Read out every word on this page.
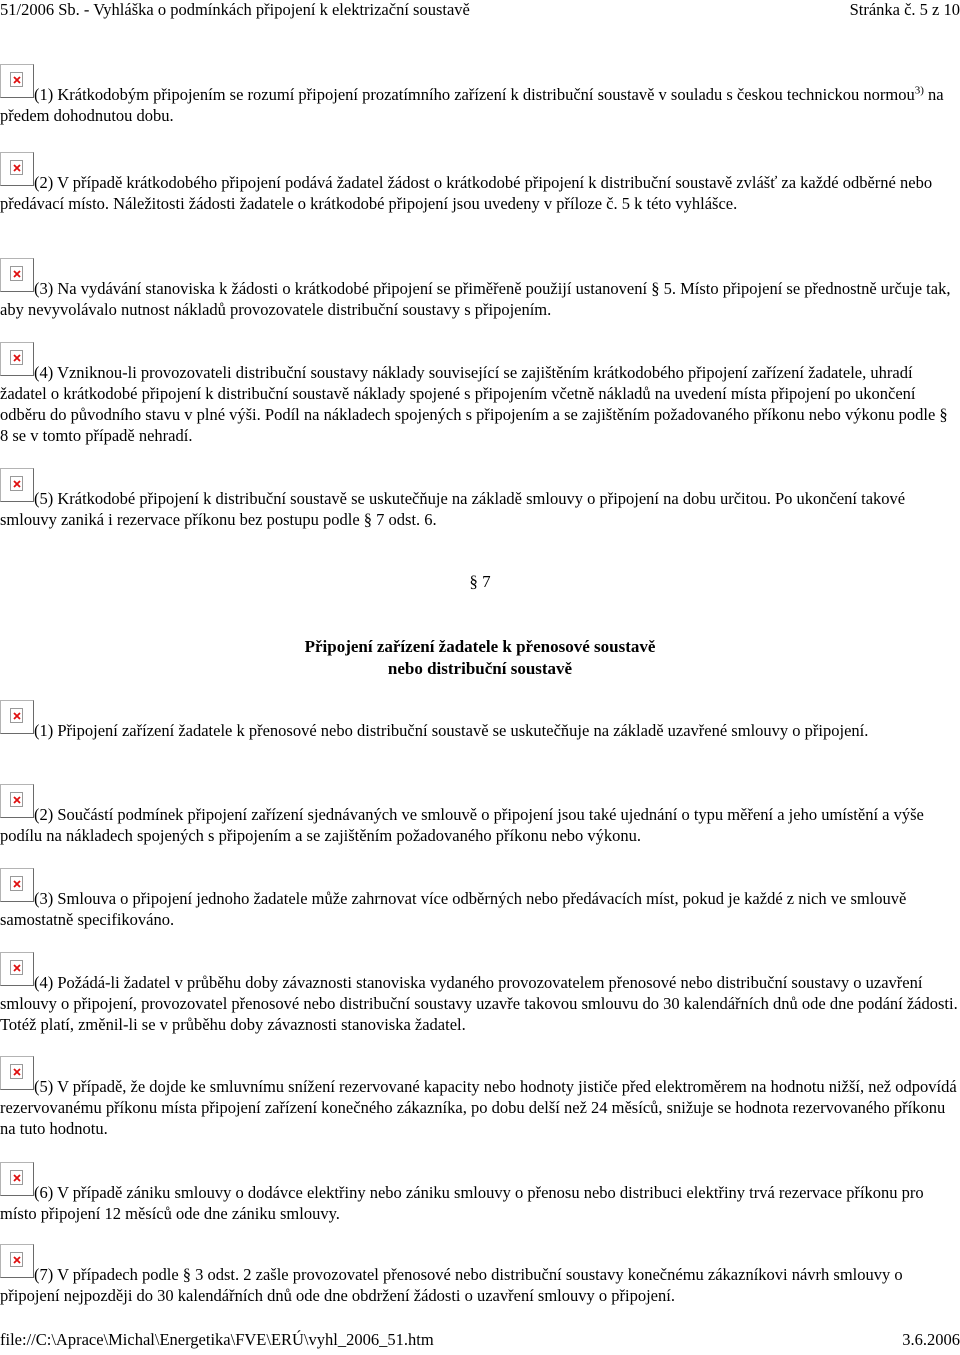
51/2006 Sb. - Vyhláška o podmínkách připojení k elektrizační soustavě	Stránka č. 5 z 10
(1) Krátkodobým připojením se rozumí připojení prozatímního zařízení k distribuční soustavě v souladu s českou technickou normou$^{3)}$ na předem dohodnutou dobu.
(2) V případě krátkodobého připojení podává žadatel žádost o krátkodobé připojení k distribuční soustavě zvlášť za každé odběrné nebo předávací místo. Náležitosti žádosti žadatele o krátkodobé připojení jsou uvedeny v příloze č. 5 k této vyhlášce.
(3) Na vydávání stanoviska k žádosti o krátkodobé připojení se přiměřeně použijí ustanovení § 5. Místo připojení se přednostně určuje tak, aby nevyvolávalo nutnost nákladů provozovatele distribuční soustavy s připojením.
(4) Vzniknou-li provozovateli distribuční soustavy náklady související se zajištěním krátkodobého připojení zařízení žadatele, uhradí žadatel o krátkodobé připojení k distribuční soustavě náklady spojené s připojením včetně nákladů na uvedení místa připojení po ukončení odběru do původního stavu v plné výši. Podíl na nákladech spojených s připojením a se zajištěním požadovaného příkonu nebo výkonu podle § 8 se v tomto případě nehradí.
(5) Krátkodobé připojení k distribuční soustavě se uskutečňuje na základě smlouvy o připojení na dobu určitou. Po ukončení takové smlouvy zaniká i rezervace příkonu bez postupu podle § 7 odst. 6.
§ 7
Připojení zařízení žadatele k přenosové soustavě
nebo distribuční soustavě
(1) Připojení zařízení žadatele k přenosové nebo distribuční soustavě se uskutečňuje na základě uzavřené smlouvy o připojení.
(2) Součástí podmínek připojení zařízení sjednávaných ve smlouvě o připojení jsou také ujednání o typu měření a jeho umístění a výše podílu na nákladech spojených s připojením a se zajištěním požadovaného příkonu nebo výkonu.
(3) Smlouva o připojení jednoho žadatele může zahrnovat více odběrných nebo předávacích míst, pokud je každé z nich ve smlouvě samostatně specifikováno.
(4) Požádá-li žadatel v průběhu doby závaznosti stanoviska vydaného provozovatelem přenosové nebo distribuční soustavy o uzavření smlouvy o připojení, provozovatel přenosové nebo distribuční soustavy uzavře takovou smlouvu do 30 kalendářních dnů ode dne podání žádosti. Totéž platí, změnil-li se v průběhu doby závaznosti stanoviska žadatel.
(5) V případě, že dojde ke smluvnímu snížení rezervované kapacity nebo hodnoty jističe před elektroměrem na hodnotu nižší, než odpovídá rezervovanému příkonu místa připojení zařízení konečného zákazníka, po dobu delší než 24 měsíců, snižuje se hodnota rezervovaného příkonu na tuto hodnotu.
(6) V případě zániku smlouvy o dodávce elektřiny nebo zániku smlouvy o přenosu nebo distribuci elektřiny trvá rezervace příkonu pro místo připojení 12 měsíců ode dne zániku smlouvy.
(7) V případech podle § 3 odst. 2 zašle provozovatel přenosové nebo distribuční soustavy konečnému zákazníkovi návrh smlouvy o připojení nejpozději do 30 kalendářních dnů ode dne obdržení žádosti o uzavření smlouvy o připojení.
file://C:\Aprace\Michal\Energetika\FVE\ERÚ\vyhl_2006_51.htm	3.6.2006
